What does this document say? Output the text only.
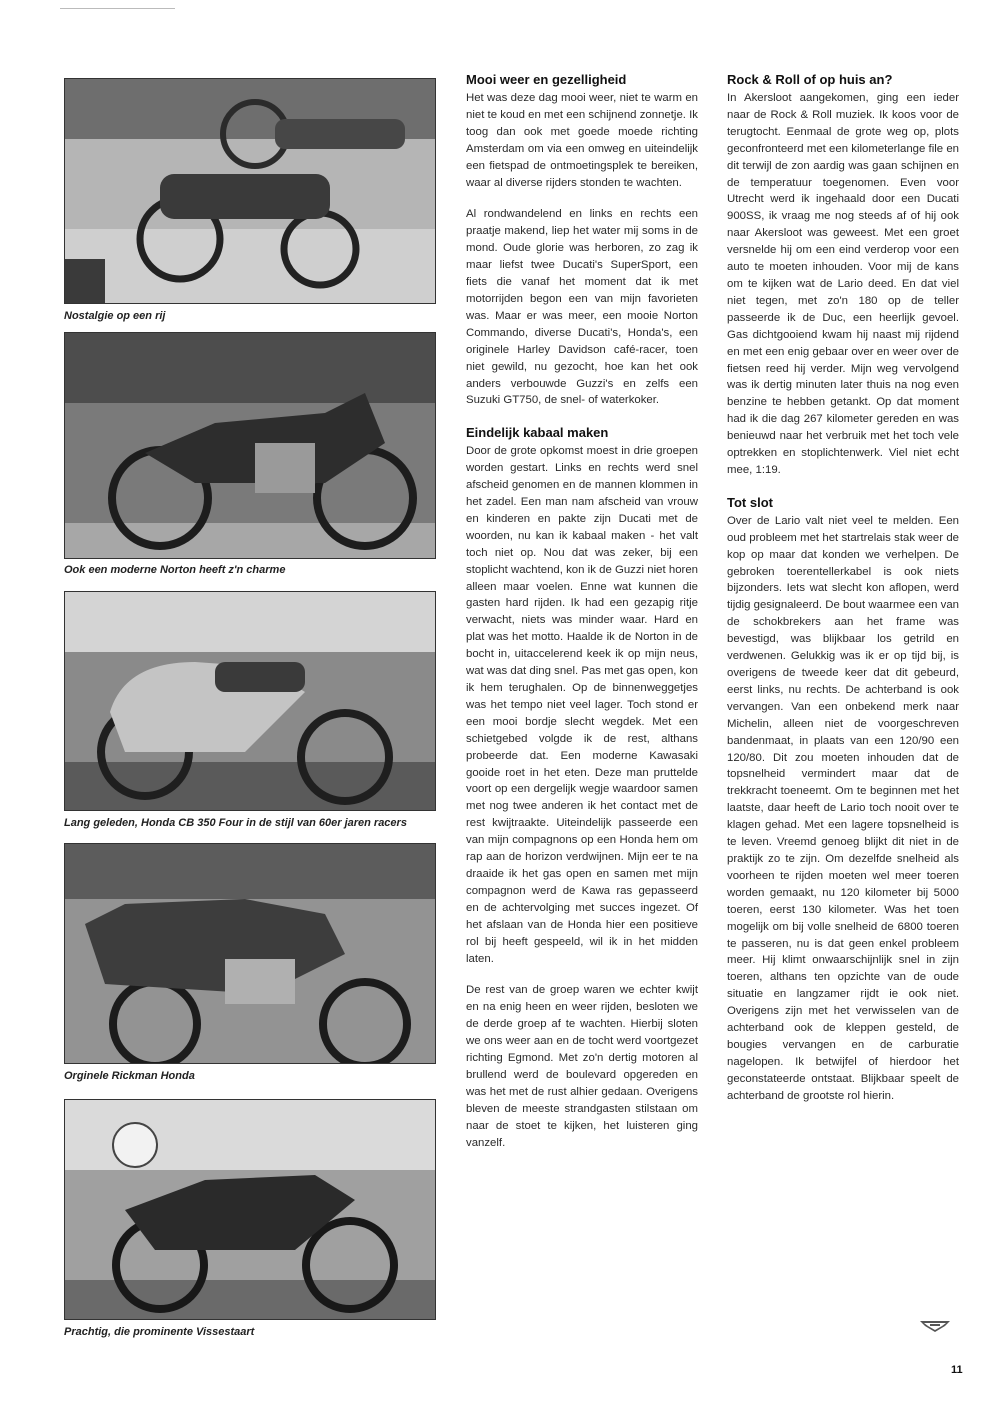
Nostalgie op een rij
Ook een moderne Norton heeft z'n charme
Lang geleden, Honda CB 350 Four in de stijl van 60er jaren racers
Orginele Rickman Honda
Prachtig, die prominente Vissestaart
Mooi weer en gezelligheid

Het was deze dag mooi weer, niet te warm en niet te koud en met een schijnend zonnetje. Ik toog dan ook met goede moede richting Amsterdam om via een omweg en uiteindelijk een fietspad de ontmoetingsplek te bereiken, waar al diverse rijders stonden te wachten.

Al rondwandelend en links en rechts een praatje makend, liep het water mij soms in de mond. Oude glorie was herboren, zo zag ik maar liefst twee Ducati's SuperSport, een fiets die vanaf het moment dat ik met motorrijden begon een van mijn favorieten was. Maar er was meer, een mooie Norton Commando, diverse Ducati's, Honda's, een originele Harley Davidson café-racer, toen niet gewild, nu gezocht, hoe kan het ook anders verbouwde Guzzi's en zelfs een Suzuki GT750, de snel- of waterkoker.

Eindelijk kabaal maken

Door de grote opkomst moest in drie groepen worden gestart. Links en rechts werd snel afscheid genomen en de mannen klommen in het zadel. Een man nam afscheid van vrouw en kinderen en pakte zijn Ducati met de woorden, nu kan ik kabaal maken - het valt toch niet op. Nou dat was zeker, bij een stoplicht wachtend, kon ik de Guzzi niet horen alleen maar voelen. Enne wat kunnen die gasten hard rijden. Ik had een gezapig ritje verwacht, niets was minder waar. Hard en plat was het motto. Haalde ik de Norton in de bocht in, uitaccelerend keek ik op mijn neus, wat was dat ding snel. Pas met gas open, kon ik hem terughalen. Op de binnenweggetjes was het tempo niet veel lager. Toch stond er een mooi bordje slecht wegdek. Met een schietgebed volgde ik de rest, althans probeerde dat. Een moderne Kawasaki gooide roet in het eten. Deze man pruttelde voort op een dergelijk wegje waardoor samen met nog twee anderen ik het contact met de rest kwijtraakte. Uiteindelijk passeerde een van mijn compagnons op een Honda hem om rap aan de horizon verdwijnen. Mijn eer te na draaide ik het gas open en samen met mijn compagnon werd de Kawa ras gepasseerd en de achtervolging met succes ingezet. Of het afslaan van de Honda hier een positieve rol bij heeft gespeeld, wil ik in het midden laten.

De rest van de groep waren we echter kwijt en na enig heen en weer rijden, besloten we de derde groep af te wachten. Hierbij sloten we ons weer aan en de tocht werd voortgezet richting Egmond. Met zo'n dertig motoren al brullend werd de boulevard opgereden en was het met de rust alhier gedaan. Overigens bleven de meeste strandgasten stilstaan om naar de stoet te kijken, het luisteren ging vanzelf.

Rock & Roll of op huis an?

In Akersloot aangekomen, ging een ieder naar de Rock & Roll muziek. Ik koos voor de terugtocht. Eenmaal de grote weg op, plots geconfronteerd met een kilometerlange file en dit terwijl de zon aardig was gaan schijnen en de temperatuur toegenomen. Even voor Utrecht werd ik ingehaald door een Ducati 900SS, ik vraag me nog steeds af of hij ook naar Akersloot was geweest. Met een groet versnelde hij om een eind verderop voor een auto te moeten inhouden. Voor mij de kans om te kijken wat de Lario deed. En dat viel niet tegen, met zo'n 180 op de teller passeerde ik de Duc, een heerlijk gevoel. Gas dichtgooiend kwam hij naast mij rijdend en met een enig gebaar over en weer over de fietsen reed hij verder. Mijn weg vervolgend was ik dertig minuten later thuis na nog even benzine te hebben getankt. Op dat moment had ik die dag 267 kilometer gereden en was benieuwd naar het verbruik met het toch vele optrekken en stoplichtenwerk. Viel niet echt mee, 1:19.

Tot slot

Over de Lario valt niet veel te melden. Een oud probleem met het startrelais stak weer de kop op maar dat konden we verhelpen. De gebroken toerentellerkabel is ook niets bijzonders. Iets wat slecht kon aflopen, werd tijdig gesignaleerd. De bout waarmee een van de schokbrekers aan het frame was bevestigd, was blijkbaar los getrild en verdwenen. Gelukkig was ik er op tijd bij, is overigens de tweede keer dat dit gebeurd, eerst links, nu rechts. De achterband is ook vervangen. Van een onbekend merk naar Michelin, alleen niet de voorgeschreven bandenmaat, in plaats van een 120/90 een 120/80. Dit zou moeten inhouden dat de topsnelheid vermindert maar dat de trekkracht toeneemt. Om te beginnen met het laatste, daar heeft de Lario toch nooit over te klagen gehad. Met een lagere topsnelheid is te leven. Vreemd genoeg blijkt dit niet in de praktijk zo te zijn. Om dezelfde snelheid als voorheen te rijden moeten wel meer toeren worden gemaakt, nu 120 kilometer bij 5000 toeren, eerst 130 kilometer. Was het toen mogelijk om bij volle snelheid de 6800 toeren te passeren, nu is dat geen enkel probleem meer. Hij klimt onwaarschijnlijk snel in zijn toeren, althans ten opzichte van de oude situatie en langzamer rijdt ie ook niet. Overigens zijn met het verwisselen van de achterband ook de kleppen gesteld, de bougies vervangen en de carburatie nagelopen. Ik betwijfel of hierdoor het geconstateerde ontstaat. Blijkbaar speelt de achterband de grootste rol hierin.

11
